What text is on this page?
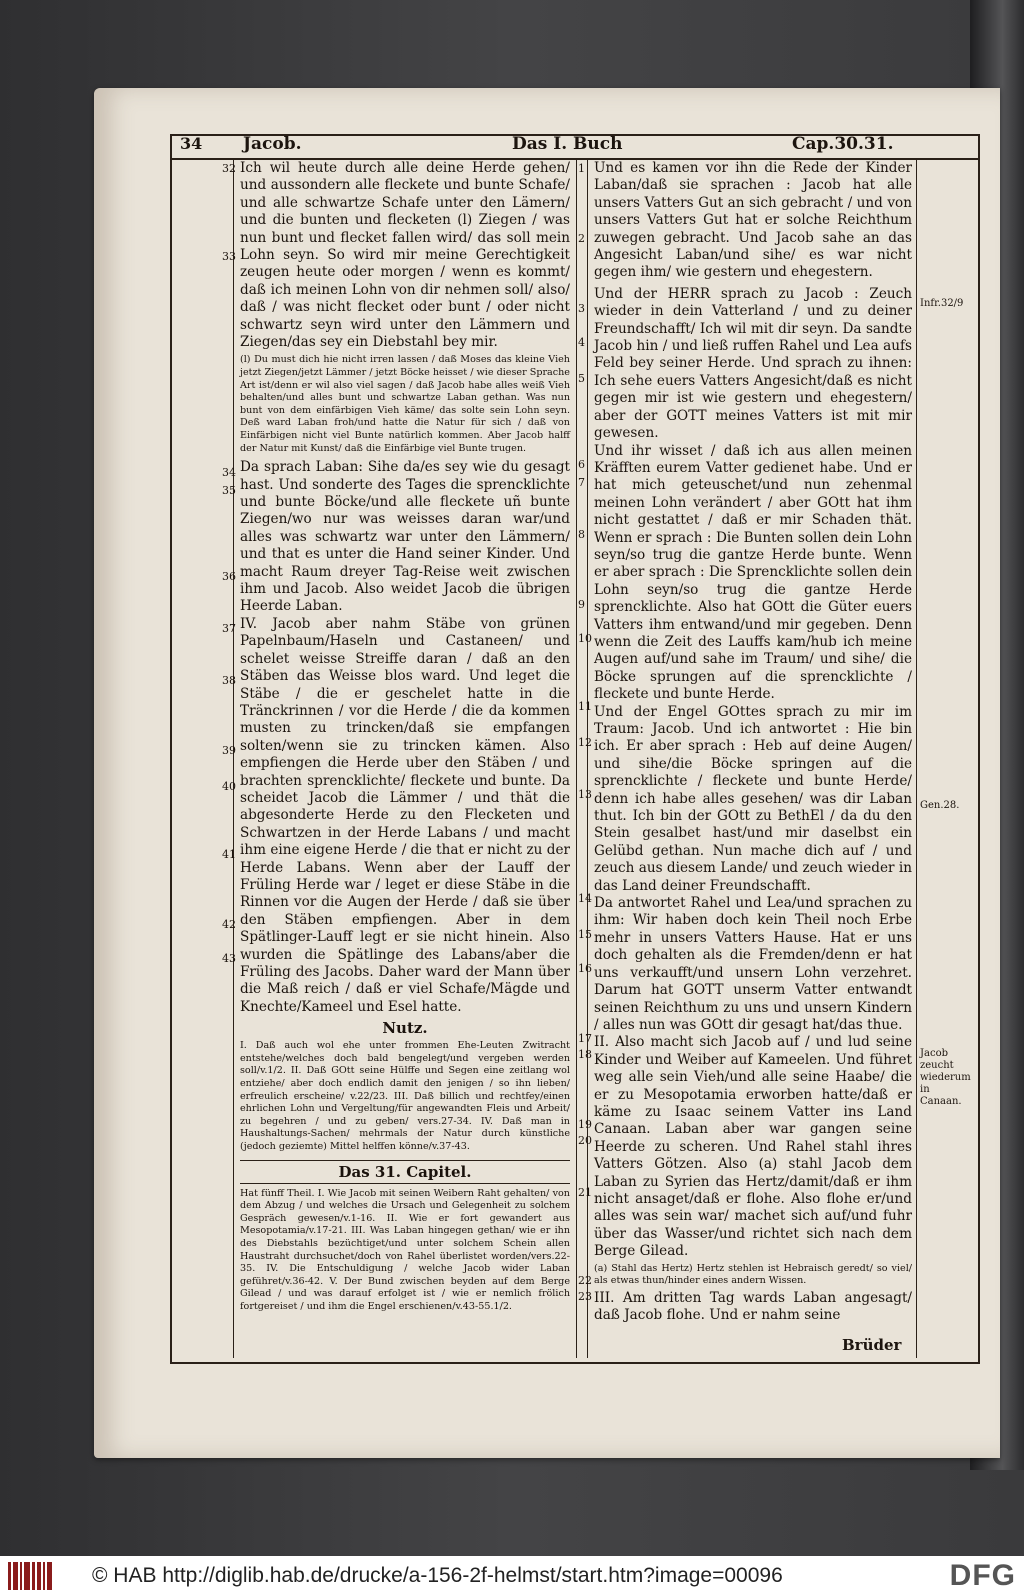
34 Jacob.	Das I. Buch	Cap.30.31.
32
33
34
35
36
37
38
39
40
41
42
43

Ich wil heute durch alle deine Herde gehen/ und aussondern alle fleckete und bunte Schafe/ und alle schwartze Schafe unter den Lämern/ und die bunten und flecketen (l) Ziegen / was nun bunt und flecket fallen wird/ das soll mein Lohn seyn. So wird mir meine Gerechtigkeit zeugen heute oder morgen / wenn es kommt/ daß ich meinen Lohn von dir nehmen soll/ also/ daß / was nicht flecket oder bunt / oder nicht schwartz seyn wird unter den Lämmern und Ziegen/das sey ein Diebstahl bey mir.

(l) Du must dich hie nicht irren lassen / daß Moses das kleine Vieh jetzt Ziegen/jetzt Lämmer / jetzt Böcke heisset / wie dieser Sprache Art ist/denn er wil also viel sagen / daß Jacob habe alles weiß Vieh behalten/und alles bunt und schwartze Laban gethan. Was nun bunt von dem einfärbigen Vieh käme/ das solte sein Lohn seyn. Deß ward Laban froh/und hatte die Natur für sich / daß von Einfärbigen nicht viel Bunte natürlich kommen. Aber Jacob halff der Natur mit Kunst/ daß die Einfärbige viel Bunte trugen.

Da sprach Laban: Sihe da/es sey wie du gesagt hast. Und sonderte des Tages die sprencklichte und bunte Böcke/und alle fleckete uñ bunte Ziegen/wo nur was weisses daran war/und alles was schwartz war unter den Lämmern/ und that es unter die Hand seiner Kinder. Und macht Raum dreyer Tag-Reise weit zwischen ihm und Jacob. Also weidet Jacob die übrigen Heerde Laban.

IV. Jacob aber nahm Stäbe von grünen Papelnbaum/Haseln und Castaneen/ und schelet weisse Streiffe daran / daß an den Stäben das Weisse blos ward. Und leget die Stäbe / die er geschelet hatte in die Tränckrinnen / vor die Herde / die da kommen musten zu trincken/daß sie empfangen solten/wenn sie zu trincken kämen. Also empfiengen die Herde uber den Stäben / und brachten sprencklichte/ fleckete und bunte. Da scheidet Jacob die Lämmer / und thät die abgesonderte Herde zu den Flecketen und Schwartzen in der Herde Labans / und macht ihm eine eigene Herde / die that er nicht zu der Herde Labans. Wenn aber der Lauff der Früling Herde war / leget er diese Stäbe in die Rinnen vor die Augen der Herde / daß sie über den Stäben empfiengen. Aber in dem Spätlinger-Lauff legt er sie nicht hinein. Also wurden die Spätlinge des Labans/aber die Früling des Jacobs. Daher ward der Mann über die Maß reich / daß er viel Schafe/Mägde und Knechte/Kameel und Esel hatte.

Nutz.

I. Daß auch wol ehe unter frommen Ehe-Leuten Zwitracht entstehe/welches doch bald bengelegt/und vergeben werden soll/v.1/2. II. Daß GOtt seine Hülffe und Segen eine zeitlang wol entziehe/ aber doch endlich damit den jenigen / so ihn lieben/ erfreulich erscheine/ v.22/23. III. Daß billich und rechtfey/einen ehrlichen Lohn und Vergeltung/für angewandten Fleis und Arbeit/ zu begehren / und zu geben/ vers.27-34. IV. Daß man in Haushaltungs-Sachen/ mehrmals der Natur durch künstliche (jedoch geziemte) Mittel helffen könne/v.37-43.

Das 31. Capitel.

Hat fünff Theil. I. Wie Jacob mit seinen Weibern Raht gehalten/ von dem Abzug / und welches die Ursach und Gelegenheit zu solchem Gespräch gewesen/v.1-16. II. Wie er fort gewandert aus Mesopotamia/v.17-21. III. Was Laban hingegen gethan/ wie er ihn des Diebstahls bezüchtiget/und unter solchem Schein allen Haustraht durchsuchet/doch von Rahel überlistet worden/vers.22-35. IV. Die Entschuldigung / welche Jacob wider Laban geführet/v.36-42. V. Der Bund zwischen beyden auf dem Berge Gilead / und was darauf erfolget ist / wie er nemlich frölich fortgereiset / und ihm die Engel erschienen/v.43-55.1/2.

1
2
3
4
5
6
7
8
9
10
11
12
13
14
15
16
17
18
19
20
21
22
23

Und es kamen vor ihn die Rede der Kinder Laban/daß sie sprachen : Jacob hat alle unsers Vatters Gut an sich gebracht / und von unsers Vatters Gut hat er solche Reichthum zuwegen gebracht. Und Jacob sahe an das Angesicht Laban/und sihe/ es war nicht gegen ihm/ wie gestern und ehegestern.

Und der HERR sprach zu Jacob : Zeuch wieder in dein Vatterland / und zu deiner Freundschafft/ Ich wil mit dir seyn. Da sandte Jacob hin / und ließ ruffen Rahel und Lea aufs Feld bey seiner Herde. Und sprach zu ihnen: Ich sehe euers Vatters Angesicht/daß es nicht gegen mir ist wie gestern und ehegestern/ aber der GOTT meines Vatters ist mit mir gewesen.

Und ihr wisset / daß ich aus allen meinen Kräfften eurem Vatter gedienet habe. Und er hat mich geteuschet/und nun zehenmal meinen Lohn verändert / aber GOtt hat ihm nicht gestattet / daß er mir Schaden thät. Wenn er sprach : Die Bunten sollen dein Lohn seyn/so trug die gantze Herde bunte. Wenn er aber sprach : Die Sprencklichte sollen dein Lohn seyn/so trug die gantze Herde sprencklichte. Also hat GOtt die Güter euers Vatters ihm entwand/und mir gegeben. Denn wenn die Zeit des Lauffs kam/hub ich meine Augen auf/und sahe im Traum/ und sihe/ die Böcke sprungen auf die sprencklichte / fleckete und bunte Herde.

Und der Engel GOttes sprach zu mir im Traum: Jacob. Und ich antwortet : Hie bin ich. Er aber sprach : Heb auf deine Augen/ und sihe/die Böcke springen auf die sprencklichte / fleckete und bunte Herde/ denn ich habe alles gesehen/ was dir Laban thut. Ich bin der GOtt zu BethEl / da du den Stein gesalbet hast/und mir daselbst ein Gelübd gethan. Nun mache dich auf / und zeuch aus diesem Lande/ und zeuch wieder in das Land deiner Freundschafft.

Da antwortet Rahel und Lea/und sprachen zu ihm: Wir haben doch kein Theil noch Erbe mehr in unsers Vatters Hause. Hat er uns doch gehalten als die Fremden/denn er hat uns verkaufft/und unsern Lohn verzehret. Darum hat GOTT unserm Vatter entwandt seinen Reichthum zu uns und unsern Kindern / alles nun was GOtt dir gesagt hat/das thue.

II. Also macht sich Jacob auf / und lud seine Kinder und Weiber auf Kameelen. Und führet weg alle sein Vieh/und alle seine Haabe/ die er zu Mesopotamia erworben hatte/daß er käme zu Isaac seinem Vatter ins Land Canaan. Laban aber war gangen seine Heerde zu scheren. Und Rahel stahl ihres Vatters Götzen. Also (a) stahl Jacob dem Laban zu Syrien das Hertz/damit/daß er ihm nicht ansaget/daß er flohe. Also flohe er/und alles was sein war/ machet sich auf/und fuhr über das Wasser/und richtet sich nach dem Berge Gilead.

(a) Stahl das Hertz) Hertz stehlen ist Hebraisch geredt/ so viel/ als etwas thun/hinder eines andern Wissen.

III. Am dritten Tag wards Laban angesagt/ daß Jacob flohe. Und er nahm seine

Infr.32/9
Gen.28.
Jacob zeucht wiederum in Canaan.
Brüder
© HAB http://diglib.hab.de/drucke/a-156-2f-helmst/start.htm?image=00096	DFG
